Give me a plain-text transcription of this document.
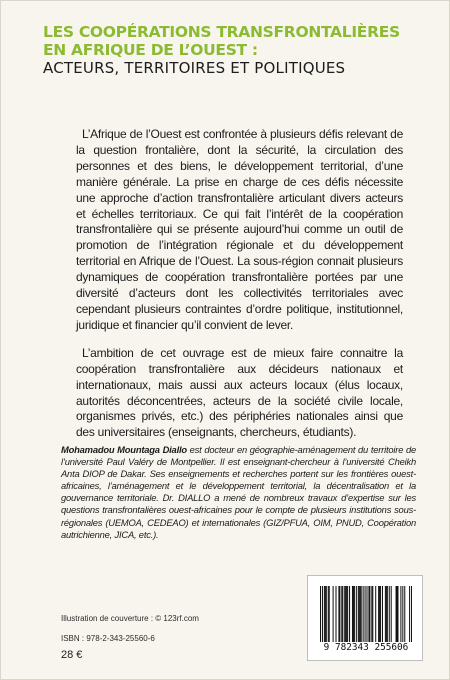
LES COOPÉRATIONS TRANSFRONTALIÈRES
EN AFRIQUE DE L’OUEST :
ACTEURS, TERRITOIRES ET POLITIQUES

L’Afrique de l’Ouest est confrontée à plusieurs défis relevant de la question frontalière, dont la sécurité, la circulation des personnes et des biens, le développement territorial, d’une manière générale. La prise en charge de ces défis nécessite une approche d’action transfrontalière articulant divers acteurs et échelles territoriaux. Ce qui fait l’intérêt de la coopération transfrontalière qui se présente aujourd’hui comme un outil de promotion de l’intégration régionale et du développement territorial en Afrique de l’Ouest. La sous-région connait plusieurs dynamiques de coopération transfrontalière portées par une diversité d’acteurs dont les collectivités territoriales avec cependant plusieurs contraintes d’ordre politique, institutionnel, juridique et financier qu’il convient de lever.

L’ambition de cet ouvrage est de mieux faire connaitre la coopération transfrontalière aux décideurs nationaux et internationaux, mais aussi aux acteurs locaux (élus locaux, autorités déconcentrées, acteurs de la société civile locale, organismes privés, etc.) des périphéries nationales ainsi que des universitaires (enseignants, chercheurs, étudiants).

Mohamadou Mountaga Diallo est docteur en géographie-aménagement du territoire de l’université Paul Valéry de Montpellier. Il est enseignant-chercheur à l’université Cheikh Anta DIOP de Dakar. Ses enseignements et recherches portent sur les frontières ouest-africaines, l’aménagement et le développement territorial, la décentralisation et la gouvernance territoriale. Dr. DIALLO a mené de nombreux travaux d’expertise sur les questions transfrontalières ouest-africaines pour le compte de plusieurs institutions sous-régionales (UEMOA, CEDEAO) et internationales (GIZ/PFUA, OIM, PNUD, Coopération autrichienne, JICA, etc.).

Illustration de couverture : © 123rf.com
ISBN : 978-2-343-25560-6
28 €
9 782343 255606
